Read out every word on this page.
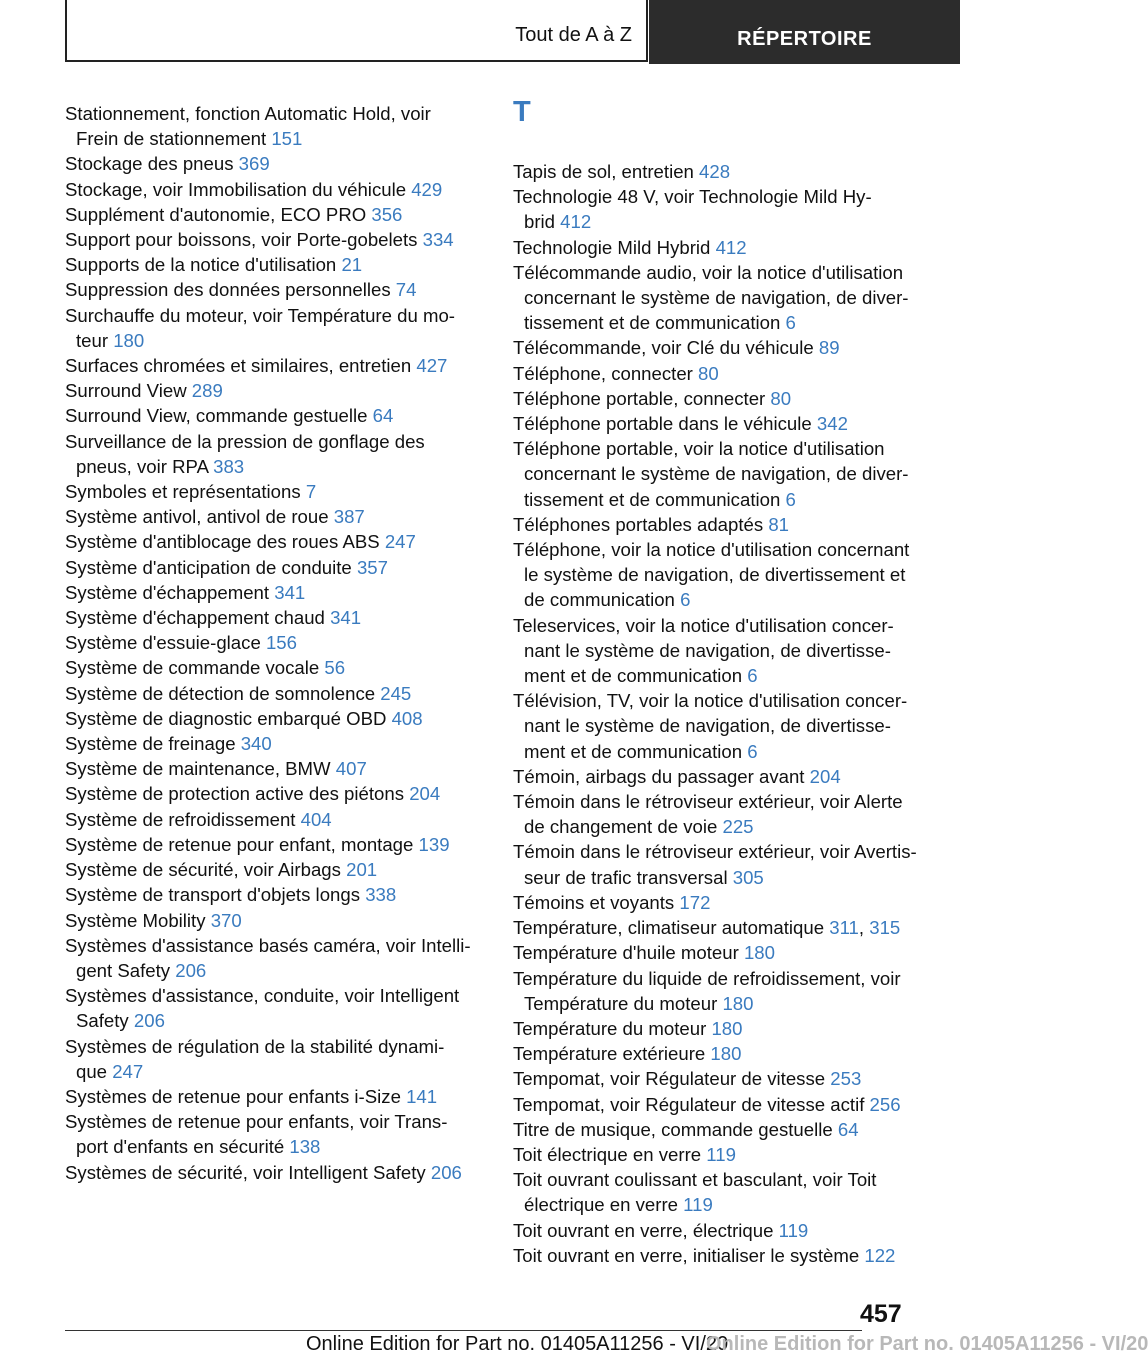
Tout de A à Z	RÉPERTOIRE
Stationnement, fonction Automatic Hold, voir
Frein de stationnement 151
Stockage des pneus 369
Stockage, voir Immobilisation du véhicule 429
Supplément d'autonomie, ECO PRO 356
Support pour boissons, voir Porte-gobelets 334
Supports de la notice d'utilisation 21
Suppression des données personnelles 74
Surchauffe du moteur, voir Température du mo-
teur 180
Surfaces chromées et similaires, entretien 427
Surround View 289
Surround View, commande gestuelle 64
Surveillance de la pression de gonflage des
pneus, voir RPA 383
Symboles et représentations 7
Système antivol, antivol de roue 387
Système d'antiblocage des roues ABS 247
Système d'anticipation de conduite 357
Système d'échappement 341
Système d'échappement chaud 341
Système d'essuie-glace 156
Système de commande vocale 56
Système de détection de somnolence 245
Système de diagnostic embarqué OBD 408
Système de freinage 340
Système de maintenance, BMW 407
Système de protection active des piétons 204
Système de refroidissement 404
Système de retenue pour enfant, montage 139
Système de sécurité, voir Airbags 201
Système de transport d'objets longs 338
Système Mobility 370
Systèmes d'assistance basés caméra, voir Intelli-
gent Safety 206
Systèmes d'assistance, conduite, voir Intelligent
Safety 206
Systèmes de régulation de la stabilité dynami-
que 247
Systèmes de retenue pour enfants i-Size 141
Systèmes de retenue pour enfants, voir Trans-
port d'enfants en sécurité 138
Systèmes de sécurité, voir Intelligent Safety 206
T
Tapis de sol, entretien 428
Technologie 48 V, voir Technologie Mild Hy-
brid 412
Technologie Mild Hybrid 412
Télécommande audio, voir la notice d'utilisation
concernant le système de navigation, de diver-
tissement et de communication 6
Télécommande, voir Clé du véhicule 89
Téléphone, connecter 80
Téléphone portable, connecter 80
Téléphone portable dans le véhicule 342
Téléphone portable, voir la notice d'utilisation
concernant le système de navigation, de diver-
tissement et de communication 6
Téléphones portables adaptés 81
Téléphone, voir la notice d'utilisation concernant
le système de navigation, de divertissement et
de communication 6
Teleservices, voir la notice d'utilisation concer-
nant le système de navigation, de divertisse-
ment et de communication 6
Télévision, TV, voir la notice d'utilisation concer-
nant le système de navigation, de divertisse-
ment et de communication 6
Témoin, airbags du passager avant 204
Témoin dans le rétroviseur extérieur, voir Alerte
de changement de voie 225
Témoin dans le rétroviseur extérieur, voir Avertis-
seur de trafic transversal 305
Témoins et voyants 172
Température, climatiseur automatique 311, 315
Température d'huile moteur 180
Température du liquide de refroidissement, voir
Température du moteur 180
Température du moteur 180
Température extérieure 180
Tempomat, voir Régulateur de vitesse 253
Tempomat, voir Régulateur de vitesse actif 256
Titre de musique, commande gestuelle 64
Toit électrique en verre 119
Toit ouvrant coulissant et basculant, voir Toit
électrique en verre 119
Toit ouvrant en verre, électrique 119
Toit ouvrant en verre, initialiser le système 122
457
Online Edition for Part no. 01405A11256 - VI/20
Online Edition for Part no. 01405A11256 - VI/20
